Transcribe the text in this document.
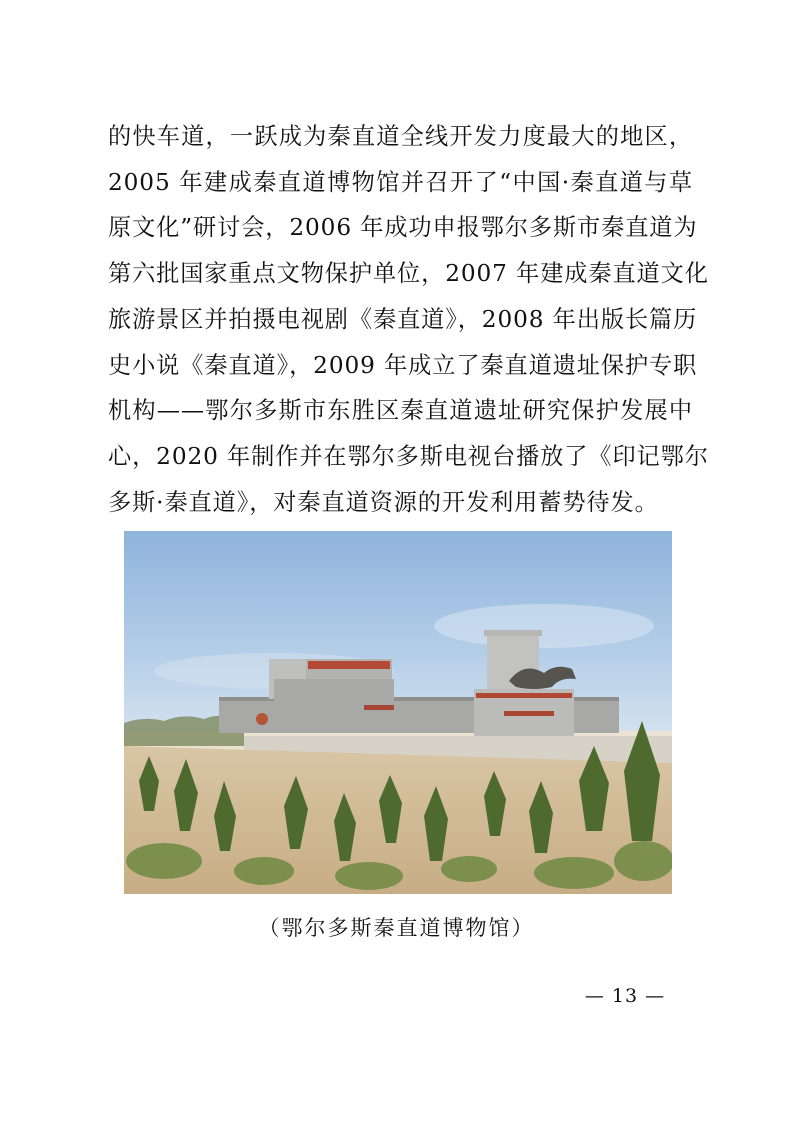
的快车道，一跃成为秦直道全线开发力度最大的地区，
2005 年建成秦直道博物馆并召开了“中国·秦直道与草
原文化”研讨会，2006 年成功申报鄂尔多斯市秦直道为
第六批国家重点文物保护单位，2007 年建成秦直道文化
旅游景区并拍摄电视剧《秦直道》，2008 年出版长篇历
史小说《秦直道》，2009 年成立了秦直道遗址保护专职
机构——鄂尔多斯市东胜区秦直道遗址研究保护发展中
心，2020 年制作并在鄂尔多斯电视台播放了《印记鄂尔
多斯·秦直道》，对秦直道资源的开发利用蓄势待发。
（鄂尔多斯秦直道博物馆）
— 13 —
